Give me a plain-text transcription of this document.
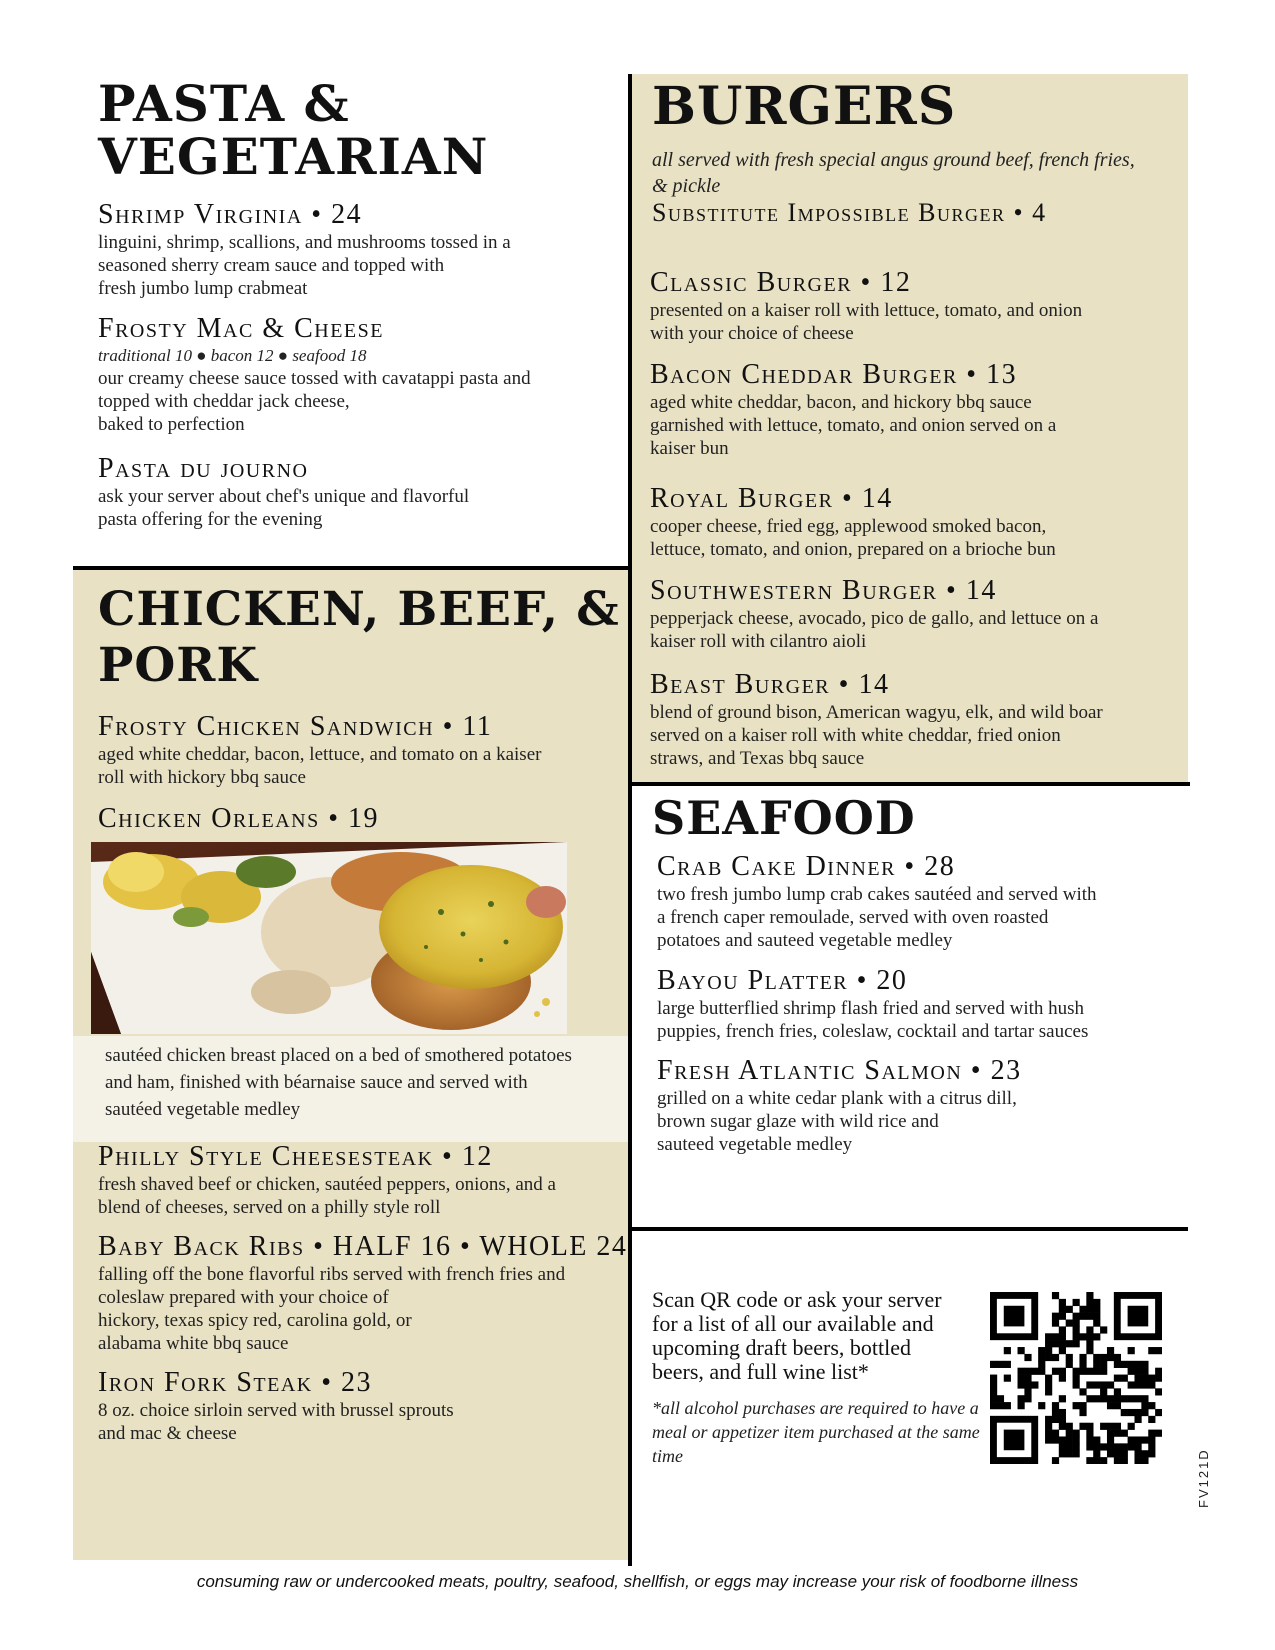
PASTA &
VEGETARIAN
Shrimp Virginia • 24
linguini, shrimp, scallions, and mushrooms tossed in a
seasoned sherry cream sauce and topped with
fresh jumbo lump crabmeat
Frosty Mac & Cheese
traditional 10 ● bacon 12 ● seafood 18
our creamy cheese sauce tossed with cavatappi pasta and
topped with cheddar jack cheese,
baked to perfection
Pasta du journo
ask your server about chef's unique and flavorful
pasta offering for the evening
CHICKEN, BEEF, &
PORK
Frosty Chicken Sandwich • 11
aged white cheddar, bacon, lettuce, and tomato on a kaiser
roll with hickory bbq sauce
Chicken Orleans • 19
sautéed chicken breast placed on a bed of smothered potatoes
and ham, finished with béarnaise sauce and served with
sautéed vegetable medley
Philly Style Cheesesteak • 12
fresh shaved beef or chicken, sautéed peppers, onions, and a
blend of cheeses, served on a philly style roll
Baby Back Ribs • HALF 16 • WHOLE 24
falling off the bone flavorful ribs served with french fries and
coleslaw prepared with your choice of
hickory, texas spicy red, carolina gold, or
alabama white bbq sauce
Iron Fork Steak • 23
8 oz. choice sirloin served with brussel sprouts
and mac & cheese
BURGERS
all served with fresh special angus ground beef, french fries,
& pickle
Substitute Impossible Burger • 4
Classic Burger • 12
presented on a kaiser roll with lettuce, tomato, and onion
with your choice of cheese
Bacon Cheddar Burger • 13
aged white cheddar, bacon, and hickory bbq sauce
garnished with lettuce, tomato, and onion served on a
kaiser bun
Royal Burger • 14
cooper cheese, fried egg, applewood smoked bacon,
lettuce, tomato, and onion, prepared on a brioche bun
Southwestern Burger • 14
pepperjack cheese, avocado, pico de gallo, and lettuce on a
kaiser roll with cilantro aioli
Beast Burger • 14
blend of ground bison, American wagyu, elk, and wild boar
served on a kaiser roll with white cheddar, fried onion
straws, and Texas bbq sauce
SEAFOOD
Crab Cake Dinner • 28
two fresh jumbo lump crab cakes sautéed and served with
a french caper remoulade, served with oven roasted
potatoes and sauteed vegetable medley
Bayou Platter • 20
large butterflied shrimp flash fried and served with hush
puppies, french fries, coleslaw, cocktail and tartar sauces
Fresh Atlantic Salmon • 23
grilled on a white cedar plank with a citrus dill,
brown sugar glaze with wild rice and
sauteed vegetable medley
Scan QR code or ask your server
for a list of all our available and
upcoming draft beers, bottled
beers, and full wine list*
*all alcohol purchases are required to have a
meal or appetizer item purchased at the same
time	FV121D
consuming raw or undercooked meats, poultry, seafood, shellfish, or eggs may increase your risk of foodborne illness
